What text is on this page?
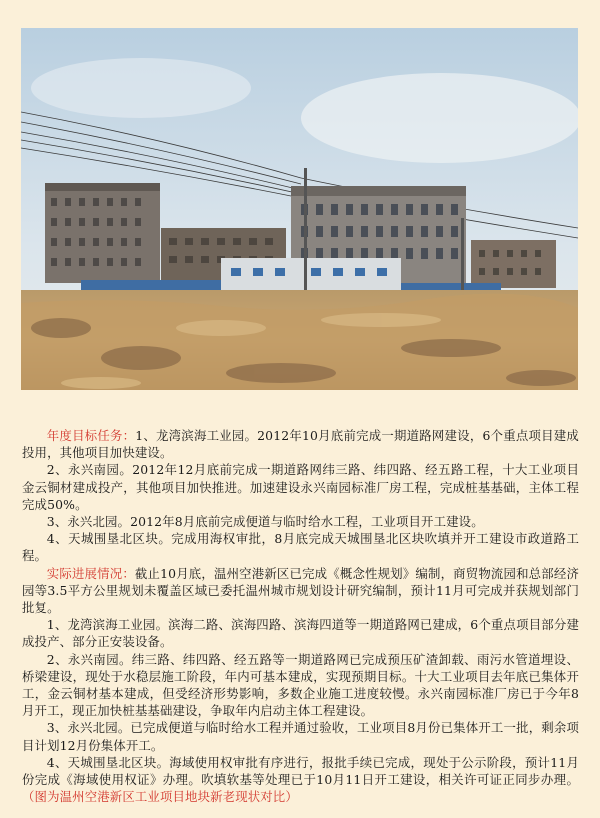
年度目标任务：1、龙湾滨海工业园。2012年10月底前完成一期道路网建设，6个重点项目建成投用，其他项目加快建设。

2、永兴南园。2012年12月底前完成一期道路网纬三路、纬四路、经五路工程，十大工业项目金云铜材建成投产，其他项目加快推进。加速建设永兴南园标准厂房工程，完成桩基基础，主体工程完成50%。

3、永兴北园。2012年8月底前完成便道与临时给水工程，工业项目开工建设。

4、天城围垦北区块。完成用海权审批，8月底完成天城围垦北区块吹填并开工建设市政道路工程。

实际进展情况：截止10月底，温州空港新区已完成《概念性规划》编制，商贸物流园和总部经济园等3.5平方公里规划未覆盖区域已委托温州城市规划设计研究编制，预计11月可完成并获规划部门批复。

1、龙湾滨海工业园。滨海二路、滨海四路、滨海四道等一期道路网已建成，6个重点项目部分建成投产、部分正安装设备。

2、永兴南园。纬三路、纬四路、经五路等一期道路网已完成预压矿渣卸载、雨污水管道埋设、桥梁建设，现处于水稳层施工阶段，年内可基本建成，实现预期目标。十大工业项目去年底已集体开工，金云铜材基本建成，但受经济形势影响，多数企业施工进度较慢。永兴南园标准厂房已于今年8月开工，现正加快桩基基础建设，争取年内启动主体工程建设。

3、永兴北园。已完成便道与临时给水工程并通过验收，工业项目8月份已集体开工一批，剩余项目计划12月份集体开工。

4、天城围垦北区块。海域使用权审批有序进行，报批手续已完成，现处于公示阶段，预计11月份完成《海域使用权证》办理。吹填软基等处理已于10月11日开工建设，相关许可证正同步办理。（图为温州空港新区工业项目地块新老现状对比）
